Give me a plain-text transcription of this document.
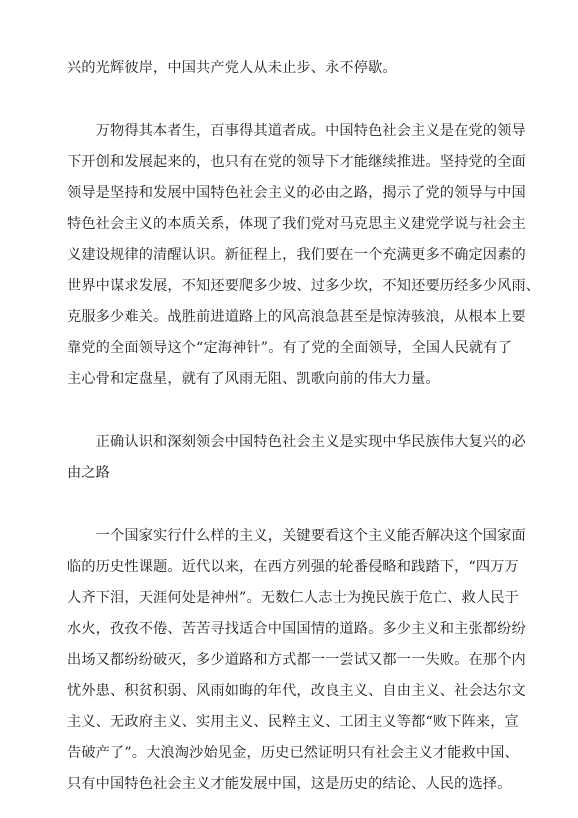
兴的光辉彼岸，中国共产党人从未止步、永不停歇。
　　万物得其本者生，百事得其道者成。中国特色社会主义是在党的领导
下开创和发展起来的，也只有在党的领导下才能继续推进。坚持党的全面
领导是坚持和发展中国特色社会主义的必由之路，揭示了党的领导与中国
特色社会主义的本质关系，体现了我们党对马克思主义建党学说与社会主
义建设规律的清醒认识。新征程上，我们要在一个充满更多不确定因素的
世界中谋求发展，不知还要爬多少坡、过多少坎，不知还要历经多少风雨、
克服多少难关。战胜前进道路上的风高浪急甚至是惊涛骇浪，从根本上要
靠党的全面领导这个“定海神针”。有了党的全面领导，全国人民就有了
主心骨和定盘星，就有了风雨无阻、凯歌向前的伟大力量。
　　正确认识和深刻领会中国特色社会主义是实现中华民族伟大复兴的必
由之路
　　一个国家实行什么样的主义，关键要看这个主义能否解决这个国家面
临的历史性课题。近代以来，在西方列强的轮番侵略和践踏下，“四万万
人齐下泪，天涯何处是神州”。无数仁人志士为挽民族于危亡、救人民于
水火，孜孜不倦、苦苦寻找适合中国国情的道路。多少主义和主张都纷纷
出场又都纷纷破灭，多少道路和方式都一一尝试又都一一失败。在那个内
忧外患、积贫积弱、风雨如晦的年代，改良主义、自由主义、社会达尔文
主义、无政府主义、实用主义、民粹主义、工团主义等都“败下阵来，宣
告破产了”。大浪淘沙始见金，历史已然证明只有社会主义才能救中国、
只有中国特色社会主义才能发展中国，这是历史的结论、人民的选择。
